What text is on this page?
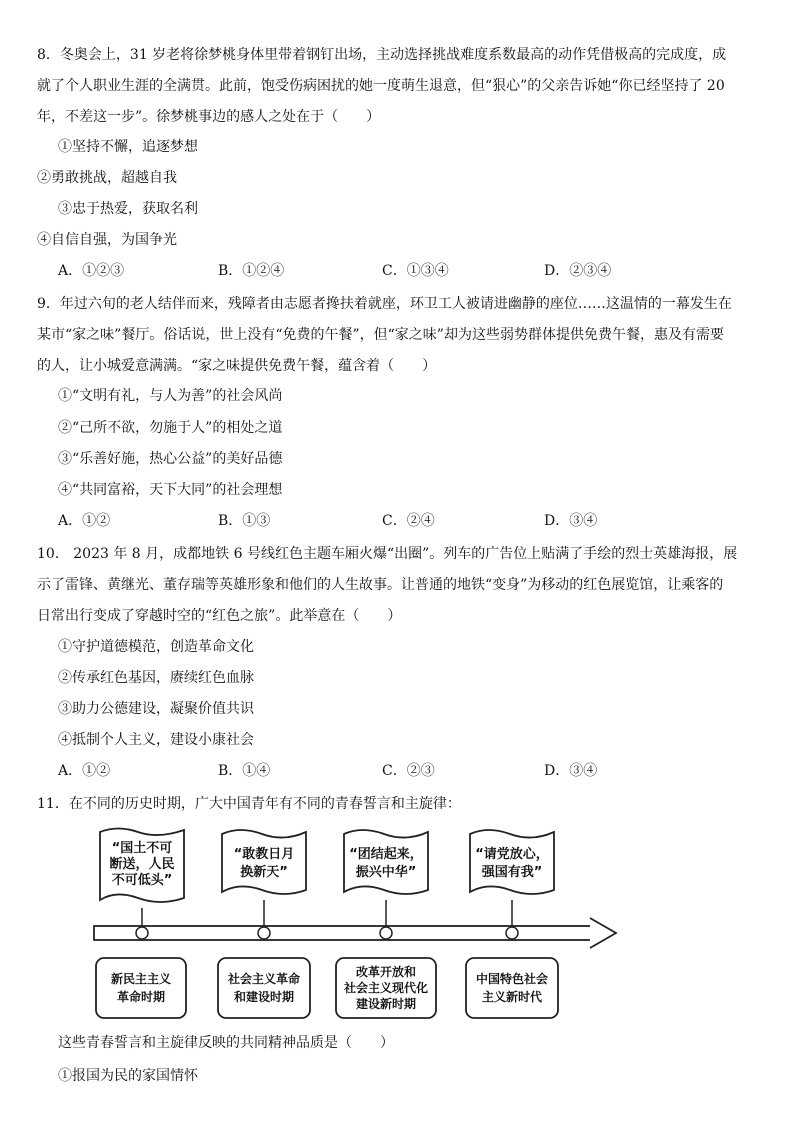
8．冬奥会上，31 岁老将徐梦桃身体里带着钢钉出场，主动选择挑战难度系数最高的动作凭借极高的完成度，成
就了个人职业生涯的全满贯。此前，饱受伤病困扰的她一度萌生退意，但“狠心”的父亲告诉她“你已经坚持了 20
年，不差这一步”。徐梦桃事边的感人之处在于（　　）
①坚持不懈，追逐梦想
②勇敢挑战，超越自我
③忠于热爱，获取名利
④自信自强，为国争光
A．①②③	B．①②④	C．①③④	D．②③④
9．年过六旬的老人结伴而来，残障者由志愿者搀扶着就座，环卫工人被请进幽静的座位……这温情的一幕发生在
某市“家之味”餐厅。俗话说，世上没有“免费的午餐”，但“家之味”却为这些弱势群体提供免费午餐，惠及有需要
的人，让小城爱意满满。“家之味提供免费午餐，蕴含着（　　）
①“文明有礼，与人为善”的社会风尚
②“己所不欲，勿施于人”的相处之道
③“乐善好施，热心公益”的美好品德
④“共同富裕，天下大同”的社会理想
A．①②	B．①③	C．②④	D．③④
10． 2023 年 8 月，成都地铁 6 号线红色主题车厢火爆“出圈”。列车的广告位上贴满了手绘的烈士英雄海报，展
示了雷锋、黄继光、董存瑞等英雄形象和他们的人生故事。让普通的地铁“变身”为移动的红色展览馆，让乘客的
日常出行变成了穿越时空的“红色之旅”。此举意在（　　）
①守护道德模范，创造革命文化
②传承红色基因，赓续红色血脉
③助力公德建设，凝聚价值共识
④抵制个人主义，建设小康社会
A．①②	B．①④	C．②③	D．③④
11．在不同的历史时期，广大中国青年有不同的青春誓言和主旋律：
“国土不可
断送，人民
不可低头”
“敢教日月
换新天”
“团结起来，
振兴中华”
“请党放心，
强国有我”
新民主主义
革命时期
社会主义革命
和建设时期
改革开放和
社会主义现代化
建设新时期
中国特色社会
主义新时代
这些青春誓言和主旋律反映的共同精神品质是（　　）
①报国为民的家国情怀
